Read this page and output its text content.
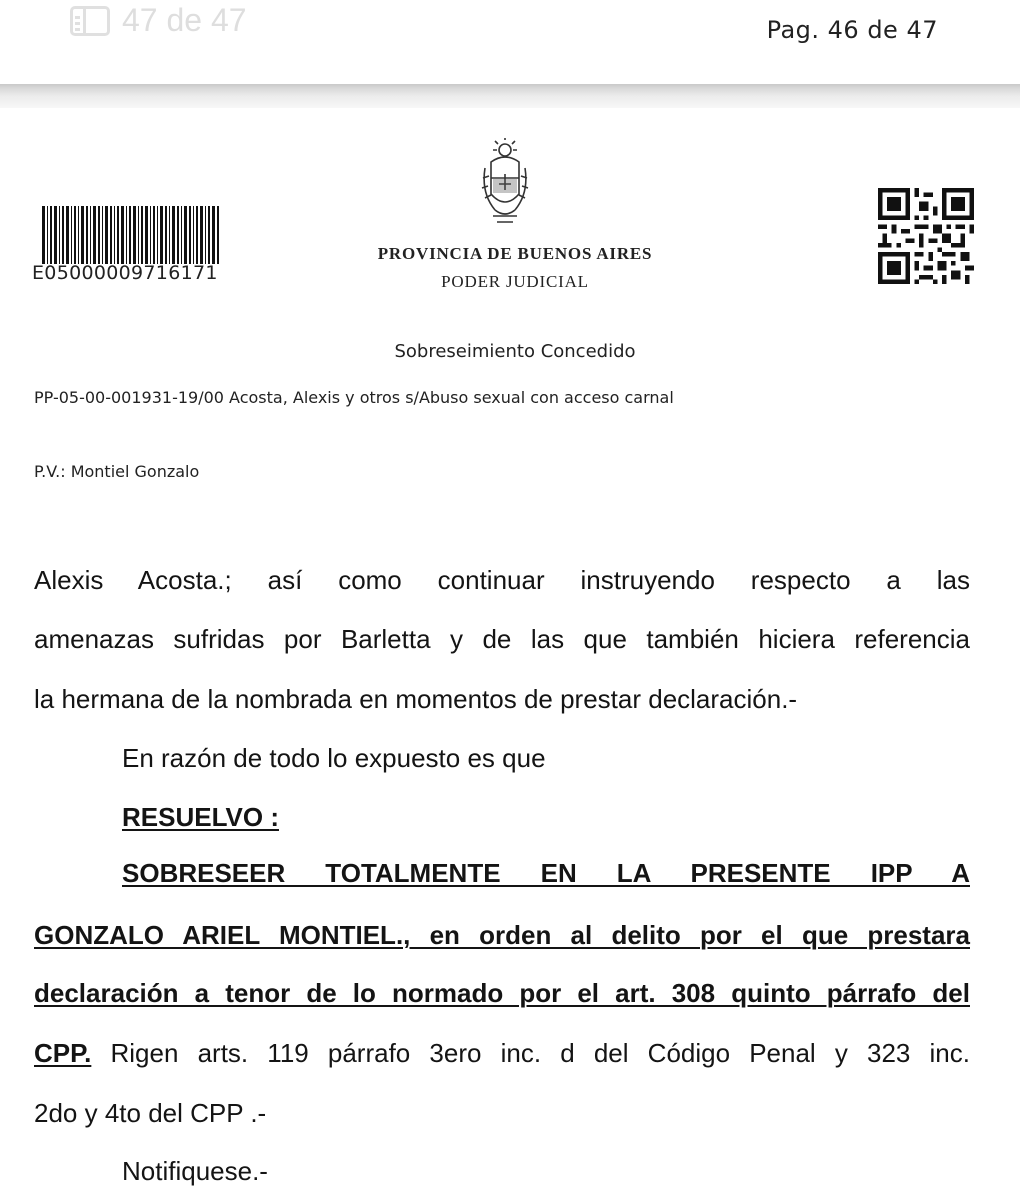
47 de 47	Pag. 46 de 47
E05000009716171
PROVINCIA DE BUENOS AIRES
PODER JUDICIAL
Sobreseimiento Concedido
PP-05-00-001931-19/00 Acosta, Alexis y otros s/Abuso sexual con acceso carnal
P.V.: Montiel Gonzalo
Alexis Acosta.; así como continuar instruyendo respecto a las
amenazas sufridas por Barletta y de las que también hiciera referencia
la hermana de la nombrada en momentos de prestar declaración.-
En razón de todo lo expuesto es que
RESUELVO :
SOBRESEER TOTALMENTE EN LA PRESENTE IPP A
GONZALO ARIEL MONTIEL., en orden al delito por el que prestara
declaración a tenor de lo normado por el art. 308 quinto párrafo del
CPP. Rigen arts. 119 párrafo 3ero inc. d del Código Penal y 323 inc.
2do y 4to del CPP .-
Notifiquese.-
